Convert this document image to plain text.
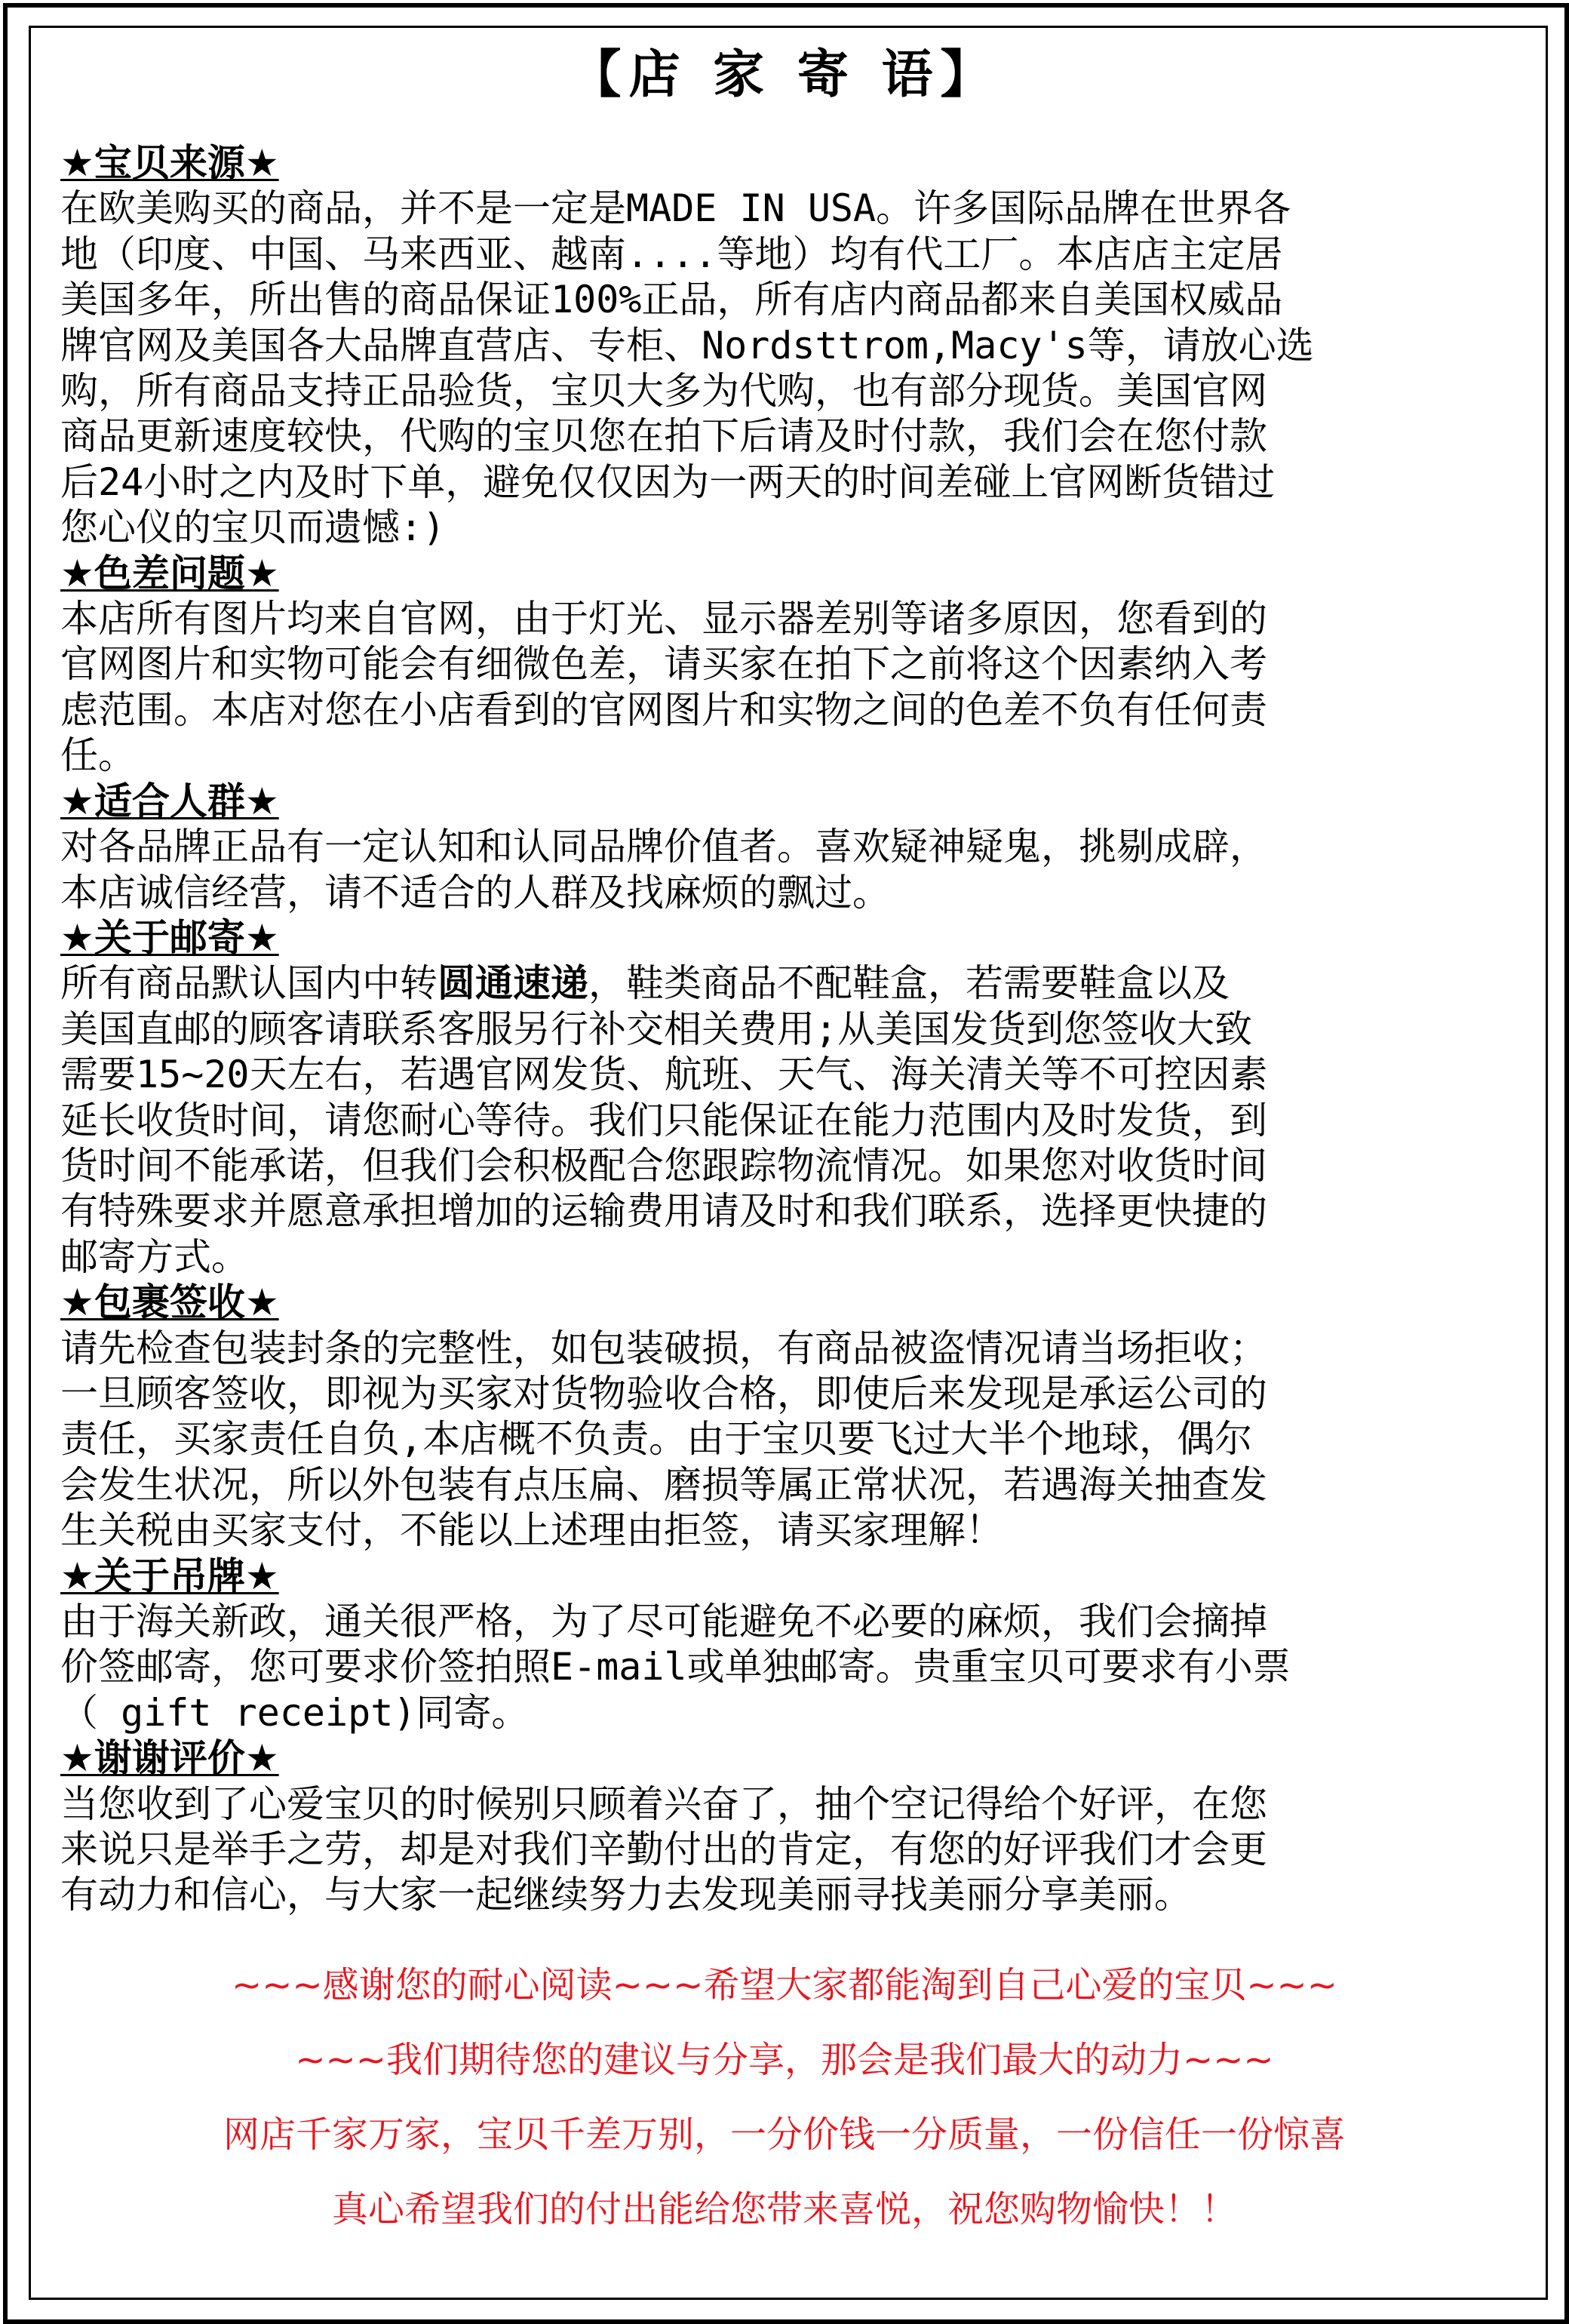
【店 家 寄 语】
★宝贝来源★
在欧美购买的商品，并不是一定是MADE IN USA。许多国际品牌在世界各
地（印度、中国、马来西亚、越南....等地）均有代工厂。本店店主定居
美国多年，所出售的商品保证100%正品，所有店内商品都来自美国权威品
牌官网及美国各大品牌直营店、专柜、Nordsttrom,Macy's等，请放心选
购，所有商品支持正品验货，宝贝大多为代购，也有部分现货。美国官网
商品更新速度较快，代购的宝贝您在拍下后请及时付款，我们会在您付款
后24小时之内及时下单，避免仅仅因为一两天的时间差碰上官网断货错过
您心仪的宝贝而遗憾:)
★色差问题★
本店所有图片均来自官网，由于灯光、显示器差别等诸多原因，您看到的
官网图片和实物可能会有细微色差，请买家在拍下之前将这个因素纳入考
虑范围。本店对您在小店看到的官网图片和实物之间的色差不负有任何责
任。
★适合人群★
对各品牌正品有一定认知和认同品牌价值者。喜欢疑神疑鬼，挑剔成辟，
本店诚信经营，请不适合的人群及找麻烦的飘过。
★关于邮寄★
所有商品默认国内中转圆通速递，鞋类商品不配鞋盒，若需要鞋盒以及
美国直邮的顾客请联系客服另行补交相关费用;从美国发货到您签收大致
需要15~20天左右，若遇官网发货、航班、天气、海关清关等不可控因素
延长收货时间，请您耐心等待。我们只能保证在能力范围内及时发货，到
货时间不能承诺，但我们会积极配合您跟踪物流情况。如果您对收货时间
有特殊要求并愿意承担增加的运输费用请及时和我们联系，选择更快捷的
邮寄方式。
★包裹签收★
请先检查包装封条的完整性，如包装破损，有商品被盗情况请当场拒收；
一旦顾客签收，即视为买家对货物验收合格，即使后来发现是承运公司的
责任，买家责任自负,本店概不负责。由于宝贝要飞过大半个地球，偶尔
会发生状况，所以外包装有点压扁、磨损等属正常状况，若遇海关抽查发
生关税由买家支付，不能以上述理由拒签，请买家理解！
★关于吊牌★
由于海关新政，通关很严格，为了尽可能避免不必要的麻烦，我们会摘掉
价签邮寄，您可要求价签拍照E-mail或单独邮寄。贵重宝贝可要求有小票
（ gift receipt)同寄。
★谢谢评价★
当您收到了心爱宝贝的时候别只顾着兴奋了，抽个空记得给个好评，在您
来说只是举手之劳，却是对我们辛勤付出的肯定，有您的好评我们才会更
有动力和信心，与大家一起继续努力去发现美丽寻找美丽分享美丽。
~~~感谢您的耐心阅读~~~希望大家都能淘到自己心爱的宝贝~~~
~~~我们期待您的建议与分享，那会是我们最大的动力~~~
网店千家万家，宝贝千差万别，一分价钱一分质量，一份信任一份惊喜
真心希望我们的付出能给您带来喜悦，祝您购物愉快！！
